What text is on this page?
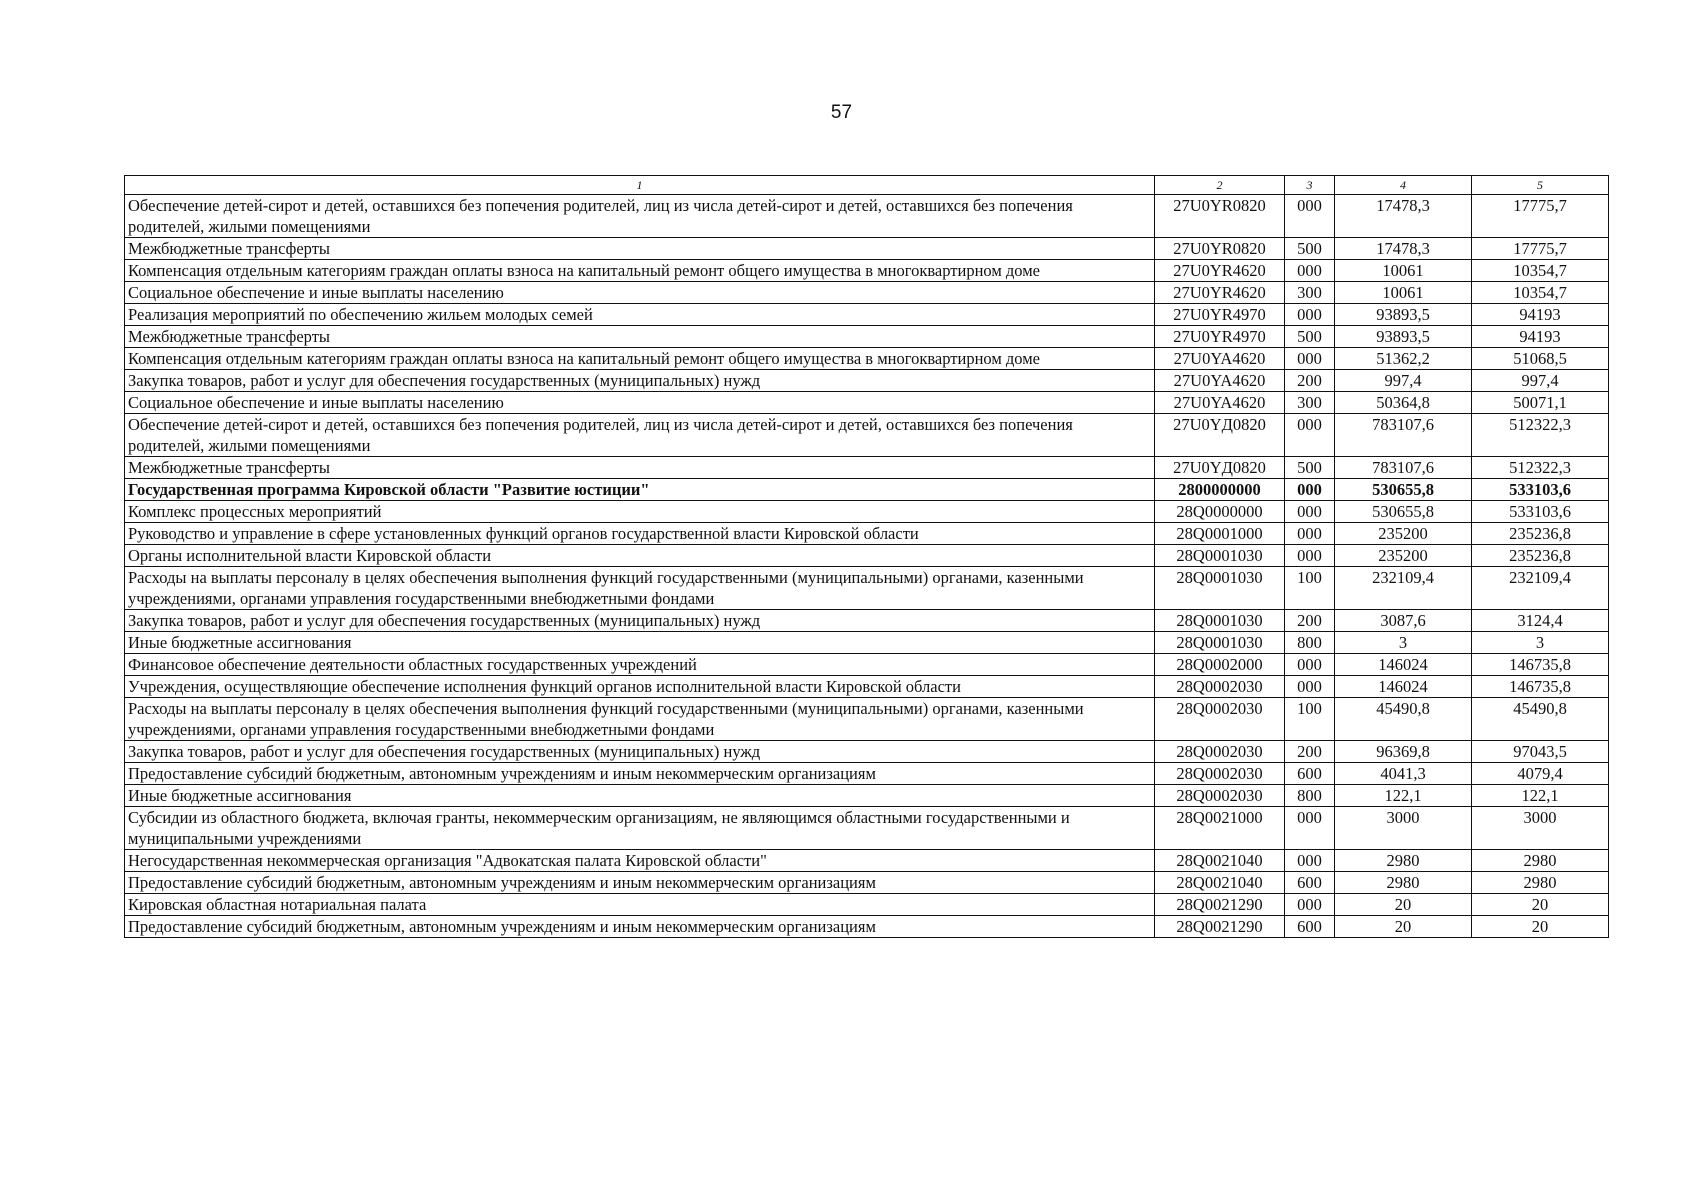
57
1	2	3	4	5
Обеспечение детей-сирот и детей, оставшихся без попечения родителей, лиц из числа детей-сирот и детей, оставшихся без попечения родителей, жилыми помещениями	27U0YR0820	000	17478,3	17775,7
Межбюджетные трансферты	27U0YR0820	500	17478,3	17775,7
Компенсация отдельным категориям граждан оплаты взноса на капитальный ремонт общего имущества в многоквартирном доме	27U0YR4620	000	10061	10354,7
Социальное обеспечение и иные выплаты населению	27U0YR4620	300	10061	10354,7
Реализация мероприятий по обеспечению жильем молодых семей	27U0YR4970	000	93893,5	94193
Межбюджетные трансферты	27U0YR4970	500	93893,5	94193
Компенсация отдельным категориям граждан оплаты взноса на капитальный ремонт общего имущества в многоквартирном доме	27U0YA4620	000	51362,2	51068,5
Закупка товаров, работ и услуг для обеспечения государственных (муниципальных) нужд	27U0YA4620	200	997,4	997,4
Социальное обеспечение и иные выплаты населению	27U0YA4620	300	50364,8	50071,1
Обеспечение детей-сирот и детей, оставшихся без попечения родителей, лиц из числа детей-сирот и детей, оставшихся без попечения родителей, жилыми помещениями	27U0YД0820	000	783107,6	512322,3
Межбюджетные трансферты	27U0YД0820	500	783107,6	512322,3
Государственная программа Кировской области "Развитие юстиции"	2800000000	000	530655,8	533103,6
Комплекс процессных мероприятий	28Q0000000	000	530655,8	533103,6
Руководство и управление в сфере установленных функций органов государственной власти Кировской области	28Q0001000	000	235200	235236,8
Органы исполнительной власти Кировской области	28Q0001030	000	235200	235236,8
Расходы на выплаты персоналу в целях обеспечения выполнения функций государственными (муниципальными) органами, казенными учреждениями, органами управления государственными внебюджетными фондами	28Q0001030	100	232109,4	232109,4
Закупка товаров, работ и услуг для обеспечения государственных (муниципальных) нужд	28Q0001030	200	3087,6	3124,4
Иные бюджетные ассигнования	28Q0001030	800	3	3
Финансовое обеспечение деятельности областных государственных учреждений	28Q0002000	000	146024	146735,8
Учреждения, осуществляющие обеспечение исполнения функций органов исполнительной власти Кировской области	28Q0002030	000	146024	146735,8
Расходы на выплаты персоналу в целях обеспечения выполнения функций государственными (муниципальными) органами, казенными учреждениями, органами управления государственными внебюджетными фондами	28Q0002030	100	45490,8	45490,8
Закупка товаров, работ и услуг для обеспечения государственных (муниципальных) нужд	28Q0002030	200	96369,8	97043,5
Предоставление субсидий бюджетным, автономным учреждениям и иным некоммерческим организациям	28Q0002030	600	4041,3	4079,4
Иные бюджетные ассигнования	28Q0002030	800	122,1	122,1
Субсидии из областного бюджета, включая гранты, некоммерческим организациям, не являющимся областными государственными и муниципальными учреждениями	28Q0021000	000	3000	3000
Негосударственная некоммерческая организация "Адвокатская палата Кировской области"	28Q0021040	000	2980	2980
Предоставление субсидий бюджетным, автономным учреждениям и иным некоммерческим организациям	28Q0021040	600	2980	2980
Кировская областная нотариальная палата	28Q0021290	000	20	20
Предоставление субсидий бюджетным, автономным учреждениям и иным некоммерческим организациям	28Q0021290	600	20	20
